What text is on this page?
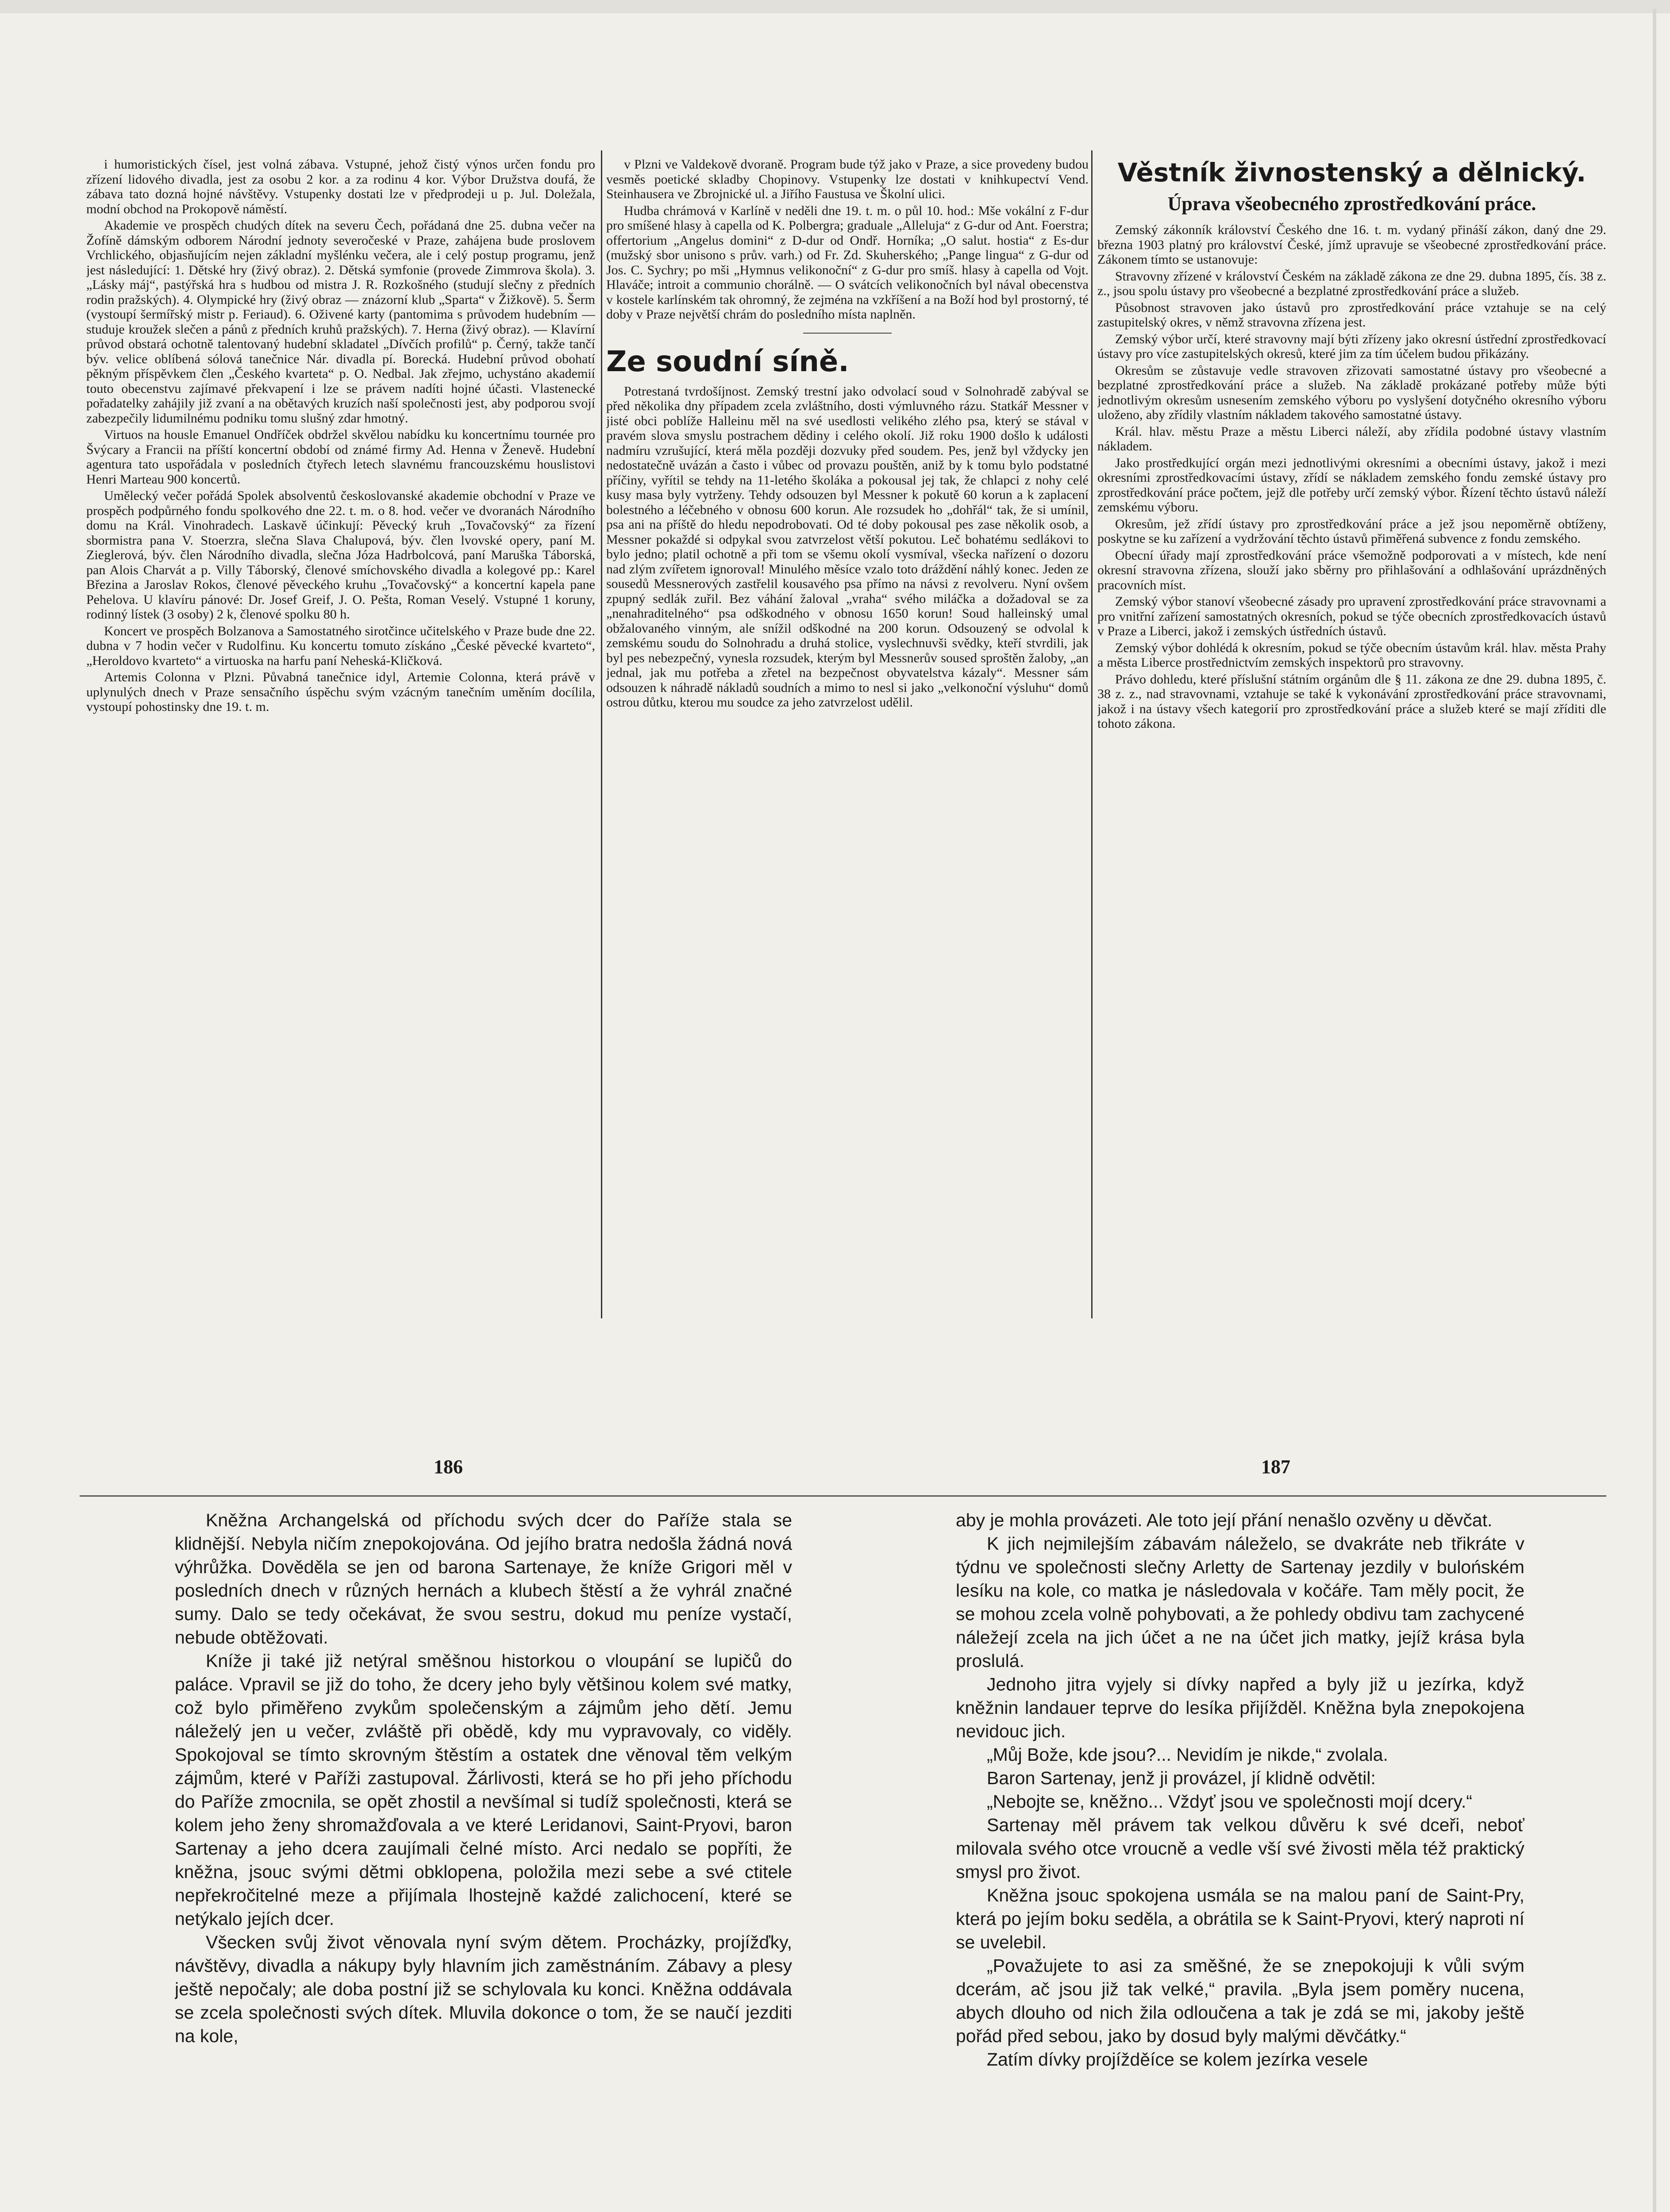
i humoristických čísel, jest volná zábava. Vstupné, jehož čistý výnos určen fondu pro zřízení lidového divadla, jest za osobu 2 kor. a za rodinu 4 kor. Výbor Družstva doufá, že zábava tato dozná hojné návštěvy. Vstupenky dostati lze v předprodeji u p. Jul. Doležala, modní obchod na Prokopově náměstí.

Akademie ve prospěch chudých dítek na severu Čech, pořádaná dne 25. dubna večer na Žofíně dámským odborem Národní jednoty severočeské v Praze, zahájena bude proslovem Vrchlického, objasňujícím nejen základní myšlénku večera, ale i celý postup programu, jenž jest následující: 1. Dětské hry (živý obraz). 2. Dětská symfonie (provede Zimmrova škola). 3. „Lásky máj“, pastýřská hra s hudbou od mistra J. R. Rozkošného (studují slečny z předních rodin pražských). 4. Olympické hry (živý obraz — znázorní klub „Sparta“ v Žižkově). 5. Šerm (vystoupí šermířský mistr p. Feriaud). 6. Oživené karty (pantomima s průvodem hudebním — studuje kroužek slečen a pánů z předních kruhů pražských). 7. Herna (živý obraz). — Klavírní průvod obstará ochotně talentovaný hudební skladatel „Dívčích profilů“ p. Černý, takže tančí býv. velice oblíbená sólová tanečnice Nár. divadla pí. Borecká. Hudební průvod obohatí pěkným příspěvkem člen „Českého kvarteta“ p. O. Nedbal. Jak zřejmo, uchystáno akademií touto obecenstvu zajímavé překvapení i lze se právem nadíti hojné účasti. Vlastenecké pořadatelky zahájily již zvaní a na obětavých kruzích naší společnosti jest, aby podporou svojí zabezpečily lidumilnému podniku tomu slušný zdar hmotný.

Virtuos na housle Emanuel Ondříček obdržel skvělou nabídku ku koncertnímu tournée pro Švýcary a Francii na příští koncertní období od známé firmy Ad. Henna v Ženevě. Hudební agentura tato uspořádala v posledních čtyřech letech slavnému francouzskému houslistovi Henri Marteau 900 koncertů.

Umělecký večer pořádá Spolek absolventů českoslovanské akademie obchodní v Praze ve prospěch podpůrného fondu spolkového dne 22. t. m. o 8. hod. večer ve dvoranách Národního domu na Král. Vinohradech. Laskavě účinkují: Pěvecký kruh „Tovačovský“ za řízení sbormistra pana V. Stoerzra, slečna Slava Chalupová, býv. člen lvovské opery, paní M. Zieglerová, býv. člen Národního divadla, slečna Józa Hadrbolcová, paní Maruška Táborská, pan Alois Charvát a p. Villy Táborský, členové smíchovského divadla a kolegové pp.: Karel Březina a Jaroslav Rokos, členové pěveckého kruhu „Tovačovský“ a koncertní kapela pane Pehelova. U klavíru pánové: Dr. Josef Greif, J. O. Pešta, Roman Veselý. Vstupné 1 koruny, rodinný lístek (3 osoby) 2 k, členové spolku 80 h.

Koncert ve prospěch Bolzanova a Samostatného sirotčince učitelského v Praze bude dne 22. dubna v 7 hodin večer v Rudolfinu. Ku koncertu tomuto získáno „České pěvecké kvarteto“, „Heroldovo kvarteto“ a virtuoska na harfu paní Neheská-Kličková.

Artemis Colonna v Plzni. Půvabná tanečnice idyl, Artemie Colonna, která právě v uplynulých dnech v Praze sensačního úspěchu svým vzácným tanečním uměním docílila, vystoupí pohostinsky dne 19. t. m.

v Plzni ve Valdekově dvoraně. Program bude týž jako v Praze, a sice provedeny budou vesměs poetické skladby Chopinovy. Vstupenky lze dostati v knihkupectví Vend. Steinhausera ve Zbrojnické ul. a Jiřího Faustusa ve Školní ulici.

Hudba chrámová v Karlíně v neděli dne 19. t. m. o půl 10. hod.: Mše vokální z F-dur pro smíšené hlasy à capella od K. Polbergra; graduale „Alleluja“ z G-dur od Ant. Foerstra; offertorium „Angelus domini“ z D-dur od Ondř. Horníka; „O salut. hostia“ z Es-dur (mužský sbor unisono s prův. varh.) od Fr. Zd. Skuherského; „Pange lingua“ z G-dur od Jos. C. Sychry; po mši „Hymnus velikonoční“ z G-dur pro smíš. hlasy à capella od Vojt. Hlaváče; introit a communio chorálně. — O svátcích velikonočních byl nával obecenstva v kostele karlínském tak ohromný, že zejména na vzkříšení a na Boží hod byl prostorný, té doby v Praze největší chrám do posledního místa naplněn.

Ze soudní síně.

Potrestaná tvrdošíjnost. Zemský trestní jako odvolací soud v Solnohradě zabýval se před několika dny případem zcela zvláštního, dosti výmluvného rázu. Statkář Messner v jisté obci poblíže Halleinu měl na své usedlosti velikého zlého psa, který se stával v pravém slova smyslu postrachem dědiny i celého okolí. Již roku 1900 došlo k události nadmíru vzrušující, která měla později dozvuky před soudem. Pes, jenž byl vždycky jen nedostatečně uvázán a často i vůbec od provazu pouštěn, aniž by k tomu bylo podstatné příčiny, vyřítil se tehdy na 11-letého školáka a pokousal jej tak, že chlapci z nohy celé kusy masa byly vytrženy. Tehdy odsouzen byl Messner k pokutě 60 korun a k zaplacení bolestného a léčebného v obnosu 600 korun. Ale rozsudek ho „dohřál“ tak, že si umínil, psa ani na příště do hledu nepodrobovati. Od té doby pokousal pes zase několik osob, a Messner pokaždé si odpykal svou zatvrzelost větší pokutou. Leč bohatému sedlákovi to bylo jedno; platil ochotně a při tom se všemu okolí vysmíval, všecka nařízení o dozoru nad zlým zvířetem ignoroval! Minulého měsíce vzalo toto dráždění náhlý konec. Jeden ze sousedů Messnerových zastřelil kousavého psa přímo na návsi z revolveru. Nyní ovšem zpupný sedlák zuřil. Bez váhání žaloval „vraha“ svého miláčka a dožadoval se za „nenahraditelného“ psa odškodného v obnosu 1650 korun! Soud halleinský umal obžalovaného vinným, ale snížil odškodné na 200 korun. Odsouzený se odvolal k zemskému soudu do Solnohradu a druhá stolice, vyslechnuvši svědky, kteří stvrdili, jak byl pes nebezpečný, vynesla rozsudek, kterým byl Messnerův soused sproštěn žaloby, „an jednal, jak mu potřeba a zřetel na bezpečnost obyvatelstva kázaly“. Messner sám odsouzen k náhradě nákladů soudních a mimo to nesl si jako „velkonoční výsluhu“ domů ostrou důtku, kterou mu soudce za jeho zatvrzelost udělil.

Věstník živnostenský a dělnický.
Úprava všeobecného zprostředkování práce.

Zemský zákonník království Českého dne 16. t. m. vydaný přináší zákon, daný dne 29. března 1903 platný pro království České, jímž upravuje se všeobecné zprostředkování práce. Zákonem tímto se ustanovuje:

Stravovny zřízené v království Českém na základě zákona ze dne 29. dubna 1895, čís. 38 z. z., jsou spolu ústavy pro všeobecné a bezplatné zprostředkování práce a služeb.

Působnost stravoven jako ústavů pro zprostředkování práce vztahuje se na celý zastupitelský okres, v němž stravovna zřízena jest.

Zemský výbor určí, které stravovny mají býti zřízeny jako okresní ústřední zprostředkovací ústavy pro více zastupitelských okresů, které jim za tím účelem budou přikázány.

Okresům se zůstavuje vedle stravoven zřizovati samostatné ústavy pro všeobecné a bezplatné zprostředkování práce a služeb. Na základě prokázané potřeby může býti jednotlivým okresům usnesením zemského výboru po vyslyšení dotyčného okresního výboru uloženo, aby zřídily vlastním nákladem takového samostatné ústavy.

Král. hlav. městu Praze a městu Liberci náleží, aby zřídila podobné ústavy vlastním nákladem.

Jako prostředkující orgán mezi jednotlivými okresními a obecními ústavy, jakož i mezi okresními zprostředkovacími ústavy, zřídí se nákladem zemského fondu zemské ústavy pro zprostředkování práce počtem, jejž dle potřeby určí zemský výbor. Řízení těchto ústavů náleží zemskému výboru.

Okresům, jež zřídí ústavy pro zprostředkování práce a jež jsou nepoměrně obtíženy, poskytne se ku zařízení a vydržování těchto ústavů přiměřená subvence z fondu zemského.

Obecní úřady mají zprostředkování práce všemožně podporovati a v místech, kde není okresní stravovna zřízena, slouží jako sběrny pro přihlašování a odhlašování uprázdněných pracovních míst.

Zemský výbor stanoví všeobecné zásady pro upravení zprostředkování práce stravovnami a pro vnitřní zařízení samostatných okresních, pokud se týče obecních zprostředkovacích ústavů v Praze a Liberci, jakož i zemských ústředních ústavů.

Zemský výbor dohlédá k okresním, pokud se týče obecním ústavům král. hlav. města Prahy a města Liberce prostřednictvím zemských inspektorů pro stravovny.

Právo dohledu, které příslušní státním orgánům dle § 11. zákona ze dne 29. dubna 1895, č. 38 z. z., nad stravovnami, vztahuje se také k vykonávání zprostředkování práce stravovnami, jakož i na ústavy všech kategorií pro zprostředkování práce a služeb které se mají zříditi dle tohoto zákona.

186	187

Kněžna Archangelská od příchodu svých dcer do Paříže stala se klidnější. Nebyla ničím znepokojována. Od jejího bratra nedošla žádná nová výhrůžka. Dověděla se jen od barona Sartenaye, že kníže Grigori měl v posledních dnech v různých hernách a klubech štěstí a že vyhrál značné sumy. Dalo se tedy očekávat, že svou sestru, dokud mu peníze vystačí, nebude obtěžovati.

Kníže ji také již netýral směšnou historkou o vloupání se lupičů do paláce. Vpravil se již do toho, že dcery jeho byly většinou kolem své matky, což bylo přiměřeno zvykům společenským a zájmům jeho dětí. Jemu náleželý jen u večer, zvláště při obědě, kdy mu vypravovaly, co viděly. Spokojoval se tímto skrovným štěstím a ostatek dne věnoval těm velkým zájmům, které v Paříži zastupoval. Žárlivosti, která se ho při jeho příchodu do Paříže zmocnila, se opět zhostil a nevšímal si tudíž společnosti, která se kolem jeho ženy shromažďovala a ve které Leridanovi, Saint-Pryovi, baron Sartenay a jeho dcera zaujímali čelné místo. Arci nedalo se popříti, že kněžna, jsouc svými dětmi obklopena, položila mezi sebe a své ctitele nepřekročitelné meze a přijímala lhostejně každé zalichocení, které se netýkalo jejích dcer.

Všecken svůj život věnovala nyní svým dětem. Procházky, projížďky, návštěvy, divadla a nákupy byly hlavním jich zaměstnáním. Zábavy a plesy ještě nepočaly; ale doba postní již se schylovala ku konci. Kněžna oddávala se zcela společnosti svých dítek. Mluvila dokonce o tom, že se naučí jezditi na kole,

aby je mohla provázeti. Ale toto její přání nenašlo ozvěny u děvčat.

K jich nejmilejším zábavám náleželo, se dvakráte neb třikráte v týdnu ve společnosti slečny Arletty de Sartenay jezdily v bulońském lesíku na kole, co matka je následovala v kočáře. Tam měly pocit, že se mohou zcela volně pohybovati, a že pohledy obdivu tam zachycené náležejí zcela na jich účet a ne na účet jich matky, jejíž krása byla proslulá.

Jednoho jitra vyjely si dívky napřed a byly již u jezírka, když kněžnin landauer teprve do lesíka přijížděl. Kněžna byla znepokojena nevidouc jich.

„Můj Bože, kde jsou?... Nevidím je nikde,“ zvolala.

Baron Sartenay, jenž ji provázel, jí klidně odvětil:

„Nebojte se, kněžno... Vždyť jsou ve společnosti mojí dcery.“

Sartenay měl právem tak velkou důvěru k své dceři, neboť milovala svého otce vroucně a vedle vší své živosti měla též praktický smysl pro život.

Kněžna jsouc spokojena usmála se na malou paní de Saint-Pry, která po jejím boku seděla, a obrátila se k Saint-Pryovi, který naproti ní se uvelebil.

„Považujete to asi za směšné, že se znepokojuji k vůli svým dcerám, ač jsou již tak velké,“ pravila. „Byla jsem poměry nucena, abych dlouho od nich žila odloučena a tak je zdá se mi, jakoby ještě pořád před sebou, jako by dosud byly malými děvčátky.“

Zatím dívky projížděíce se kolem jezírka vesele
